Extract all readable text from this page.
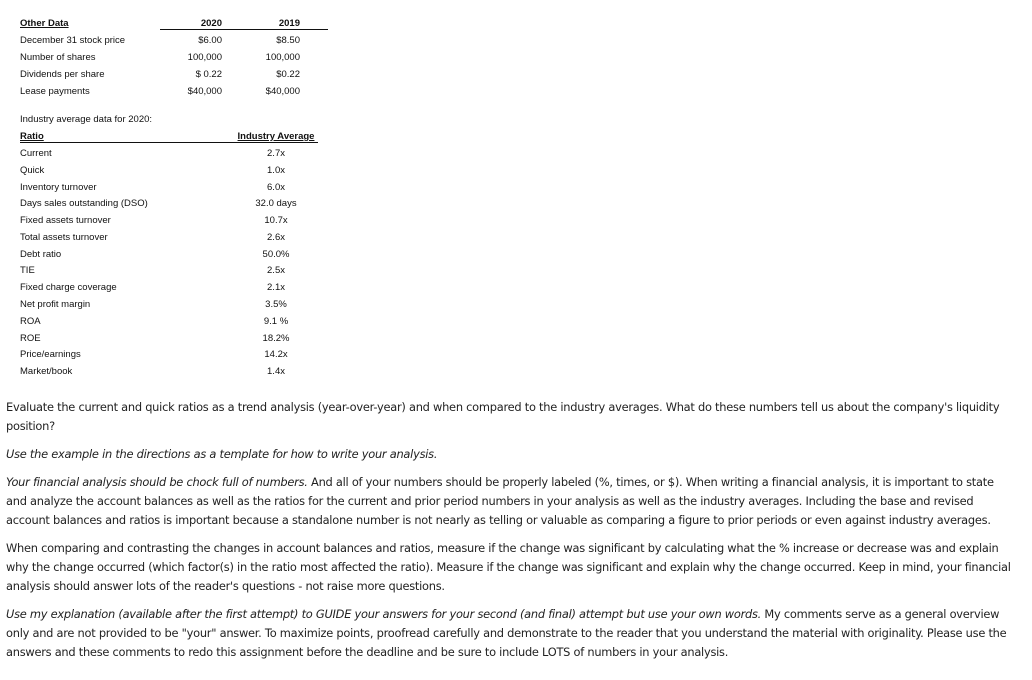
Other Data	2020	2019
December 31 stock price	$6.00	$8.50
Number of shares	100,000	100,000
Dividends per share	$ 0.22	$0.22
Lease payments	$40,000	$40,000
Industry average data for 2020:
Ratio	Industry Average
Current	2.7x
Quick	1.0x
Inventory turnover	6.0x
Days sales outstanding (DSO)	32.0 days
Fixed assets turnover	10.7x
Total assets turnover	2.6x
Debt ratio	50.0%
TIE	2.5x
Fixed charge coverage	2.1x
Net profit margin	3.5%
ROA	9.1 %
ROE	18.2%
Price/earnings	14.2x
Market/book	1.4x

Evaluate the current and quick ratios as a trend analysis (year-over-year) and when compared to the industry averages. What do these numbers tell us about the company's liquidity position?

Use the example in the directions as a template for how to write your analysis.

Your financial analysis should be chock full of numbers. And all of your numbers should be properly labeled (%, times, or $). When writing a financial analysis, it is important to state and analyze the account balances as well as the ratios for the current and prior period numbers in your analysis as well as the industry averages. Including the base and revised account balances and ratios is important because a standalone number is not nearly as telling or valuable as comparing a figure to prior periods or even against industry averages.

When comparing and contrasting the changes in account balances and ratios, measure if the change was significant by calculating what the % increase or decrease was and explain why the change occurred (which factor(s) in the ratio most affected the ratio). Measure if the change was significant and explain why the change occurred. Keep in mind, your financial analysis should answer lots of the reader's questions - not raise more questions.

Use my explanation (available after the first attempt) to GUIDE your answers for your second (and final) attempt but use your own words. My comments serve as a general overview only and are not provided to be "your" answer. To maximize points, proofread carefully and demonstrate to the reader that you understand the material with originality. Please use the answers and these comments to redo this assignment before the deadline and be sure to include LOTS of numbers in your analysis.
